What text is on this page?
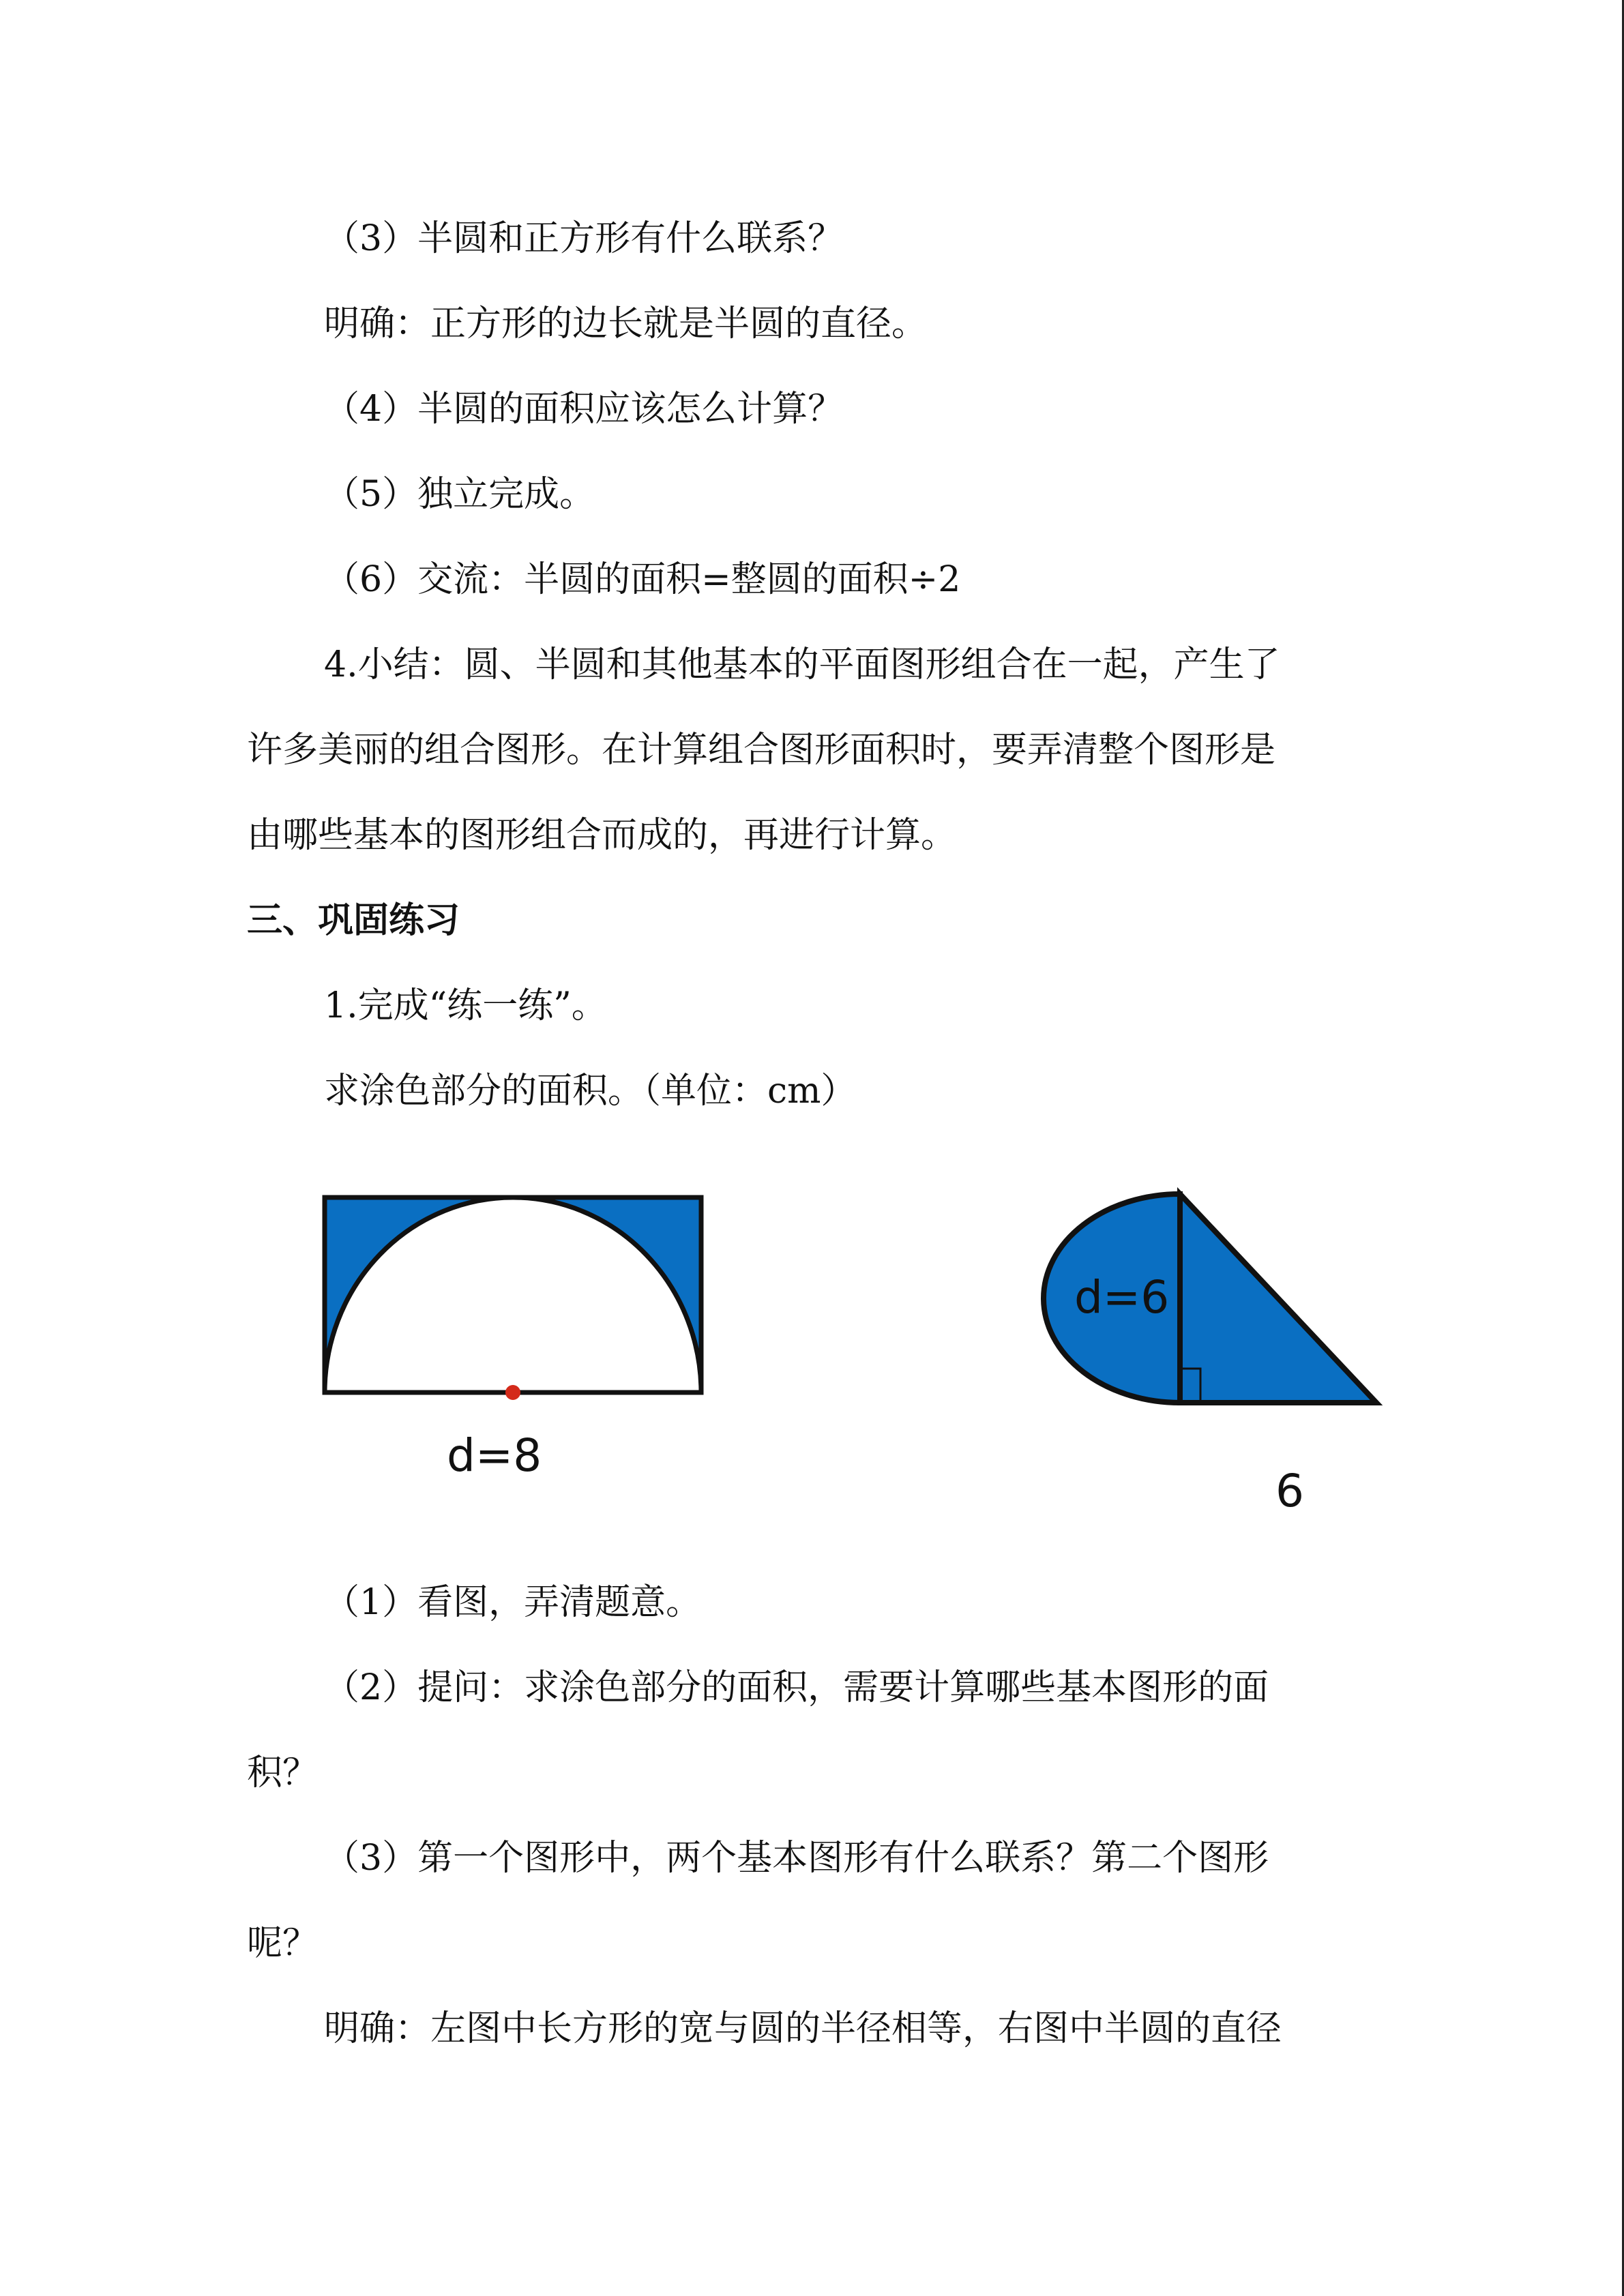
（3）半圆和正方形有什么联系？

明确：正方形的边长就是半圆的直径。

（4）半圆的面积应该怎么计算？

（5）独立完成。

（6）交流：半圆的面积=整圆的面积÷2

4.小结：圆、半圆和其他基本的平面图形组合在一起，产生了

许多美丽的组合图形。在计算组合图形面积时，要弄清整个图形是

由哪些基本的图形组合而成的，再进行计算。

三、巩固练习

1.完成“练一练”。

求涂色部分的面积。（单位：cm）

d=8

d=6

6

（1）看图，弄清题意。

（2）提问：求涂色部分的面积，需要计算哪些基本图形的面

积？

（3）第一个图形中，两个基本图形有什么联系？第二个图形

呢？

明确：左图中长方形的宽与圆的半径相等，右图中半圆的直径
